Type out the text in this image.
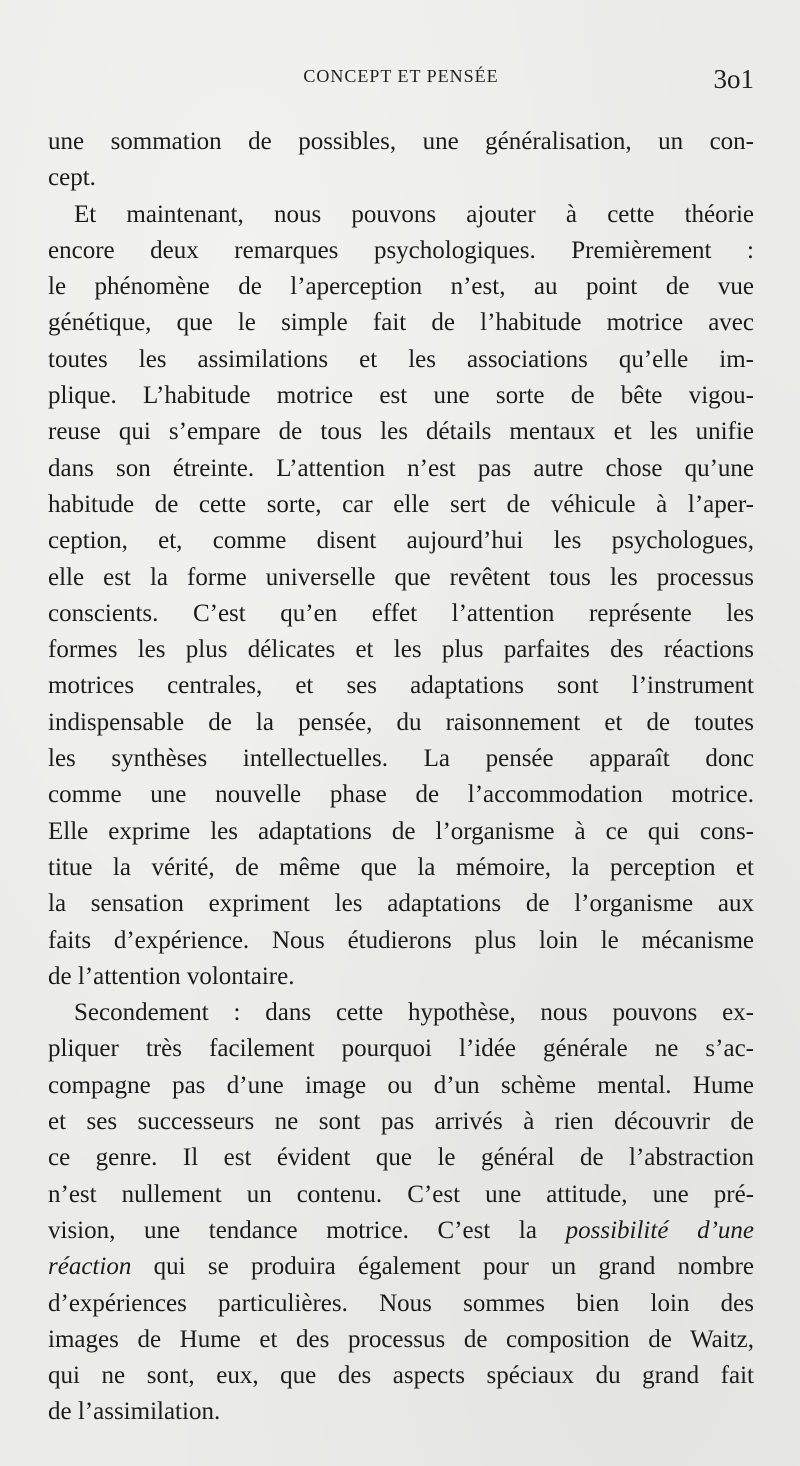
CONCEPT ET PENSÉE	3o1
une sommation de possibles, une généralisation, un con-
cept.
Et maintenant, nous pouvons ajouter à cette théorie
encore deux remarques psychologiques. Premièrement :
le phénomène de l’aperception n’est, au point de vue
génétique, que le simple fait de l’habitude motrice avec
toutes les assimilations et les associations qu’elle im-
plique. L’habitude motrice est une sorte de bête vigou-
reuse qui s’empare de tous les détails mentaux et les unifie
dans son étreinte. L’attention n’est pas autre chose qu’une
habitude de cette sorte, car elle sert de véhicule à l’aper-
ception, et, comme disent aujourd’hui les psychologues,
elle est la forme universelle que revêtent tous les processus
conscients. C’est qu’en effet l’attention représente les
formes les plus délicates et les plus parfaites des réactions
motrices centrales, et ses adaptations sont l’instrument
indispensable de la pensée, du raisonnement et de toutes
les synthèses intellectuelles. La pensée apparaît donc
comme une nouvelle phase de l’accommodation motrice.
Elle exprime les adaptations de l’organisme à ce qui cons-
titue la vérité, de même que la mémoire, la perception et
la sensation expriment les adaptations de l’organisme aux
faits d’expérience. Nous étudierons plus loin le mécanisme
de l’attention volontaire.
Secondement : dans cette hypothèse, nous pouvons ex-
pliquer très facilement pourquoi l’idée générale ne s’ac-
compagne pas d’une image ou d’un schème mental. Hume
et ses successeurs ne sont pas arrivés à rien découvrir de
ce genre. Il est évident que le général de l’abstraction
n’est nullement un contenu. C’est une attitude, une pré-
vision, une tendance motrice. C’est la possibilité d’une
réaction qui se produira également pour un grand nombre
d’expériences particulières. Nous sommes bien loin des
images de Hume et des processus de composition de Waitz,
qui ne sont, eux, que des aspects spéciaux du grand fait
de l’assimilation.
